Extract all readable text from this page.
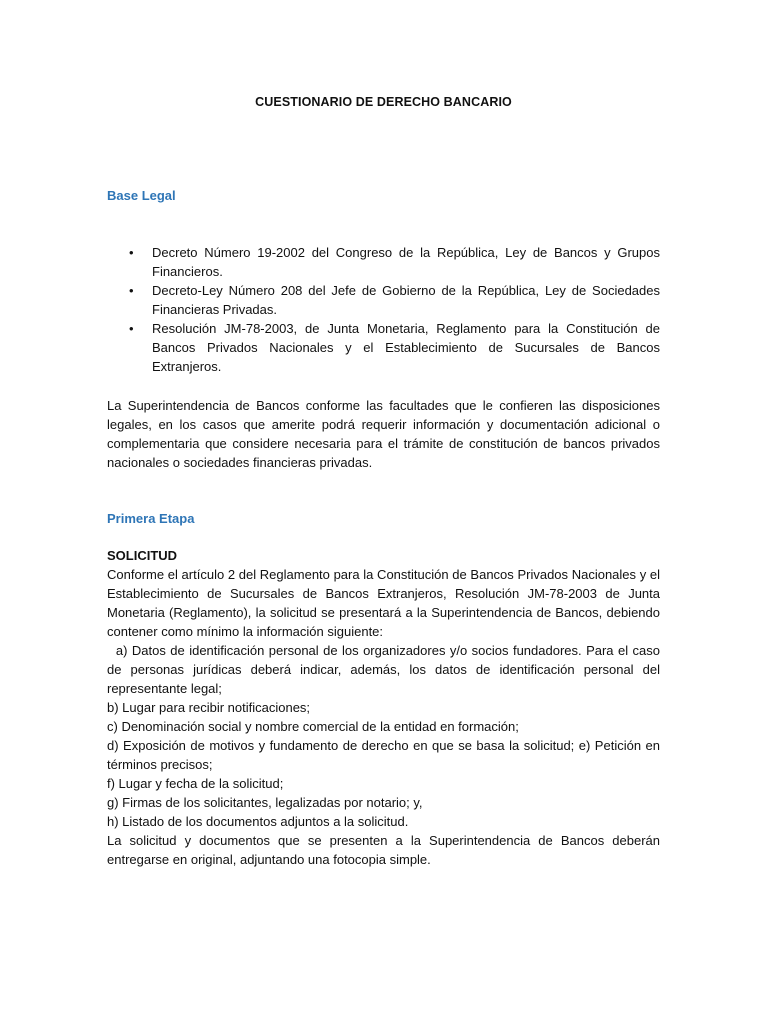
CUESTIONARIO DE DERECHO BANCARIO
Base Legal
• Decreto Número 19-2002 del Congreso de la República, Ley de Bancos y Grupos Financieros.
• Decreto-Ley Número 208 del Jefe de Gobierno de la República, Ley de Sociedades Financieras Privadas.
• Resolución JM-78-2003, de Junta Monetaria, Reglamento para la Constitución de Bancos Privados Nacionales y el Establecimiento de Sucursales de Bancos Extranjeros.

La Superintendencia de Bancos conforme las facultades que le confieren las disposiciones legales, en los casos que amerite podrá requerir información y documentación adicional o complementaria que considere necesaria para el trámite de constitución de bancos privados nacionales o sociedades financieras privadas.

Primera Etapa
SOLICITUD

Conforme el artículo 2 del Reglamento para la Constitución de Bancos Privados Nacionales y el Establecimiento de Sucursales de Bancos Extranjeros, Resolución JM-78-2003 de Junta Monetaria (Reglamento), la solicitud se presentará a la Superintendencia de Bancos, debiendo contener como mínimo la información siguiente:

a) Datos de identificación personal de los organizadores y/o socios fundadores. Para el caso de personas jurídicas deberá indicar, además, los datos de identificación personal del representante legal;

b) Lugar para recibir notificaciones;

c) Denominación social y nombre comercial de la entidad en formación;

d) Exposición de motivos y fundamento de derecho en que se basa la solicitud; e) Petición en términos precisos;

f) Lugar y fecha de la solicitud;

g) Firmas de los solicitantes, legalizadas por notario; y,

h) Listado de los documentos adjuntos a la solicitud.

La solicitud y documentos que se presenten a la Superintendencia de Bancos deberán entregarse en original, adjuntando una fotocopia simple.
